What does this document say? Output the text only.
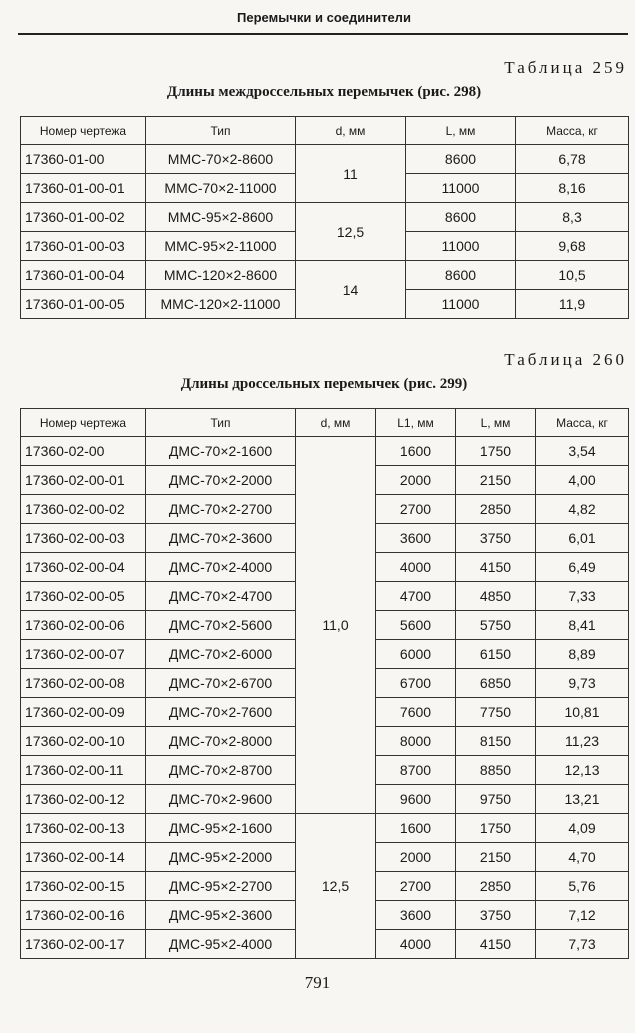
Перемычки и соединители
Таблица 259
Длины междроссельных перемычек (рис. 298)
Номер чертежа	Тип	d, мм	L, мм	Масса, кг
17360-01-00	ММС-70×2-8600	11	8600	6,78
17360-01-00-01	ММС-70×2-11000		11000	8,16
17360-01-00-02	ММС-95×2-8600	12,5	8600	8,3
17360-01-00-03	ММС-95×2-11000		11000	9,68
17360-01-00-04	ММС-120×2-8600	14	8600	10,5
17360-01-00-05	ММС-120×2-11000		11000	11,9
Таблица 260
Длины дроссельных перемычек (рис. 299)
Номер чертежа	Тип	d, мм	L1, мм	L, мм	Масса, кг
17360-02-00	ДМС-70×2-1600	11,0	1600	1750	3,54
17360-02-00-01	ДМС-70×2-2000		2000	2150	4,00
17360-02-00-02	ДМС-70×2-2700		2700	2850	4,82
17360-02-00-03	ДМС-70×2-3600		3600	3750	6,01
17360-02-00-04	ДМС-70×2-4000		4000	4150	6,49
17360-02-00-05	ДМС-70×2-4700		4700	4850	7,33
17360-02-00-06	ДМС-70×2-5600		5600	5750	8,41
17360-02-00-07	ДМС-70×2-6000		6000	6150	8,89
17360-02-00-08	ДМС-70×2-6700		6700	6850	9,73
17360-02-00-09	ДМС-70×2-7600		7600	7750	10,81
17360-02-00-10	ДМС-70×2-8000		8000	8150	11,23
17360-02-00-11	ДМС-70×2-8700		8700	8850	12,13
17360-02-00-12	ДМС-70×2-9600		9600	9750	13,21
17360-02-00-13	ДМС-95×2-1600	12,5	1600	1750	4,09
17360-02-00-14	ДМС-95×2-2000		2000	2150	4,70
17360-02-00-15	ДМС-95×2-2700		2700	2850	5,76
17360-02-00-16	ДМС-95×2-3600		3600	3750	7,12
17360-02-00-17	ДМС-95×2-4000		4000	4150	7,73
791
